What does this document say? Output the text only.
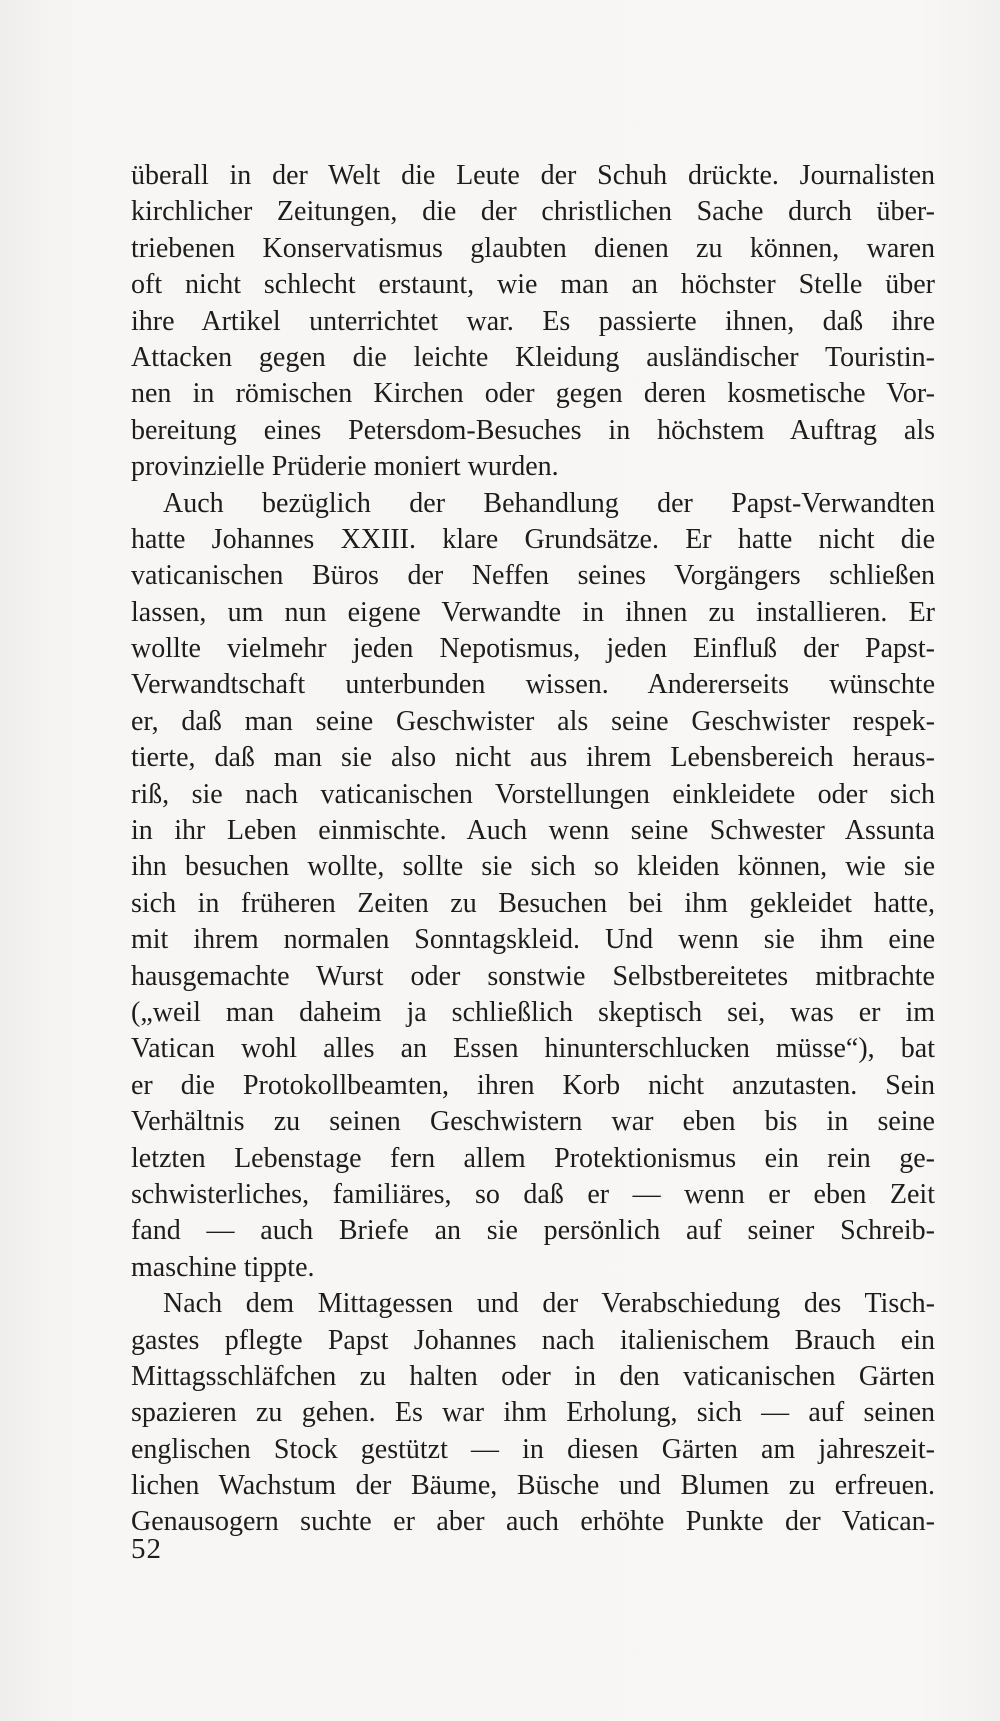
überall in der Welt die Leute der Schuh drückte. Journalisten
kirchlicher Zeitungen, die der christlichen Sache durch über-
triebenen Konservatismus glaubten dienen zu können, waren
oft nicht schlecht erstaunt, wie man an höchster Stelle über
ihre Artikel unterrichtet war. Es passierte ihnen, daß ihre
Attacken gegen die leichte Kleidung ausländischer Touristin-
nen in römischen Kirchen oder gegen deren kosmetische Vor-
bereitung eines Petersdom-Besuches in höchstem Auftrag als
provinzielle Prüderie moniert wurden.
Auch bezüglich der Behandlung der Papst-Verwandten
hatte Johannes XXIII. klare Grundsätze. Er hatte nicht die
vaticanischen Büros der Neffen seines Vorgängers schließen
lassen, um nun eigene Verwandte in ihnen zu installieren. Er
wollte vielmehr jeden Nepotismus, jeden Einfluß der Papst-
Verwandtschaft unterbunden wissen. Andererseits wünschte
er, daß man seine Geschwister als seine Geschwister respek-
tierte, daß man sie also nicht aus ihrem Lebensbereich heraus-
riß, sie nach vaticanischen Vorstellungen einkleidete oder sich
in ihr Leben einmischte. Auch wenn seine Schwester Assunta
ihn besuchen wollte, sollte sie sich so kleiden können, wie sie
sich in früheren Zeiten zu Besuchen bei ihm gekleidet hatte,
mit ihrem normalen Sonntagskleid. Und wenn sie ihm eine
hausgemachte Wurst oder sonstwie Selbstbereitetes mitbrachte
(„weil man daheim ja schließlich skeptisch sei, was er im
Vatican wohl alles an Essen hinunterschlucken müsse“), bat
er die Protokollbeamten, ihren Korb nicht anzutasten. Sein
Verhältnis zu seinen Geschwistern war eben bis in seine
letzten Lebenstage fern allem Protektionismus ein rein ge-
schwisterliches, familiäres, so daß er — wenn er eben Zeit
fand — auch Briefe an sie persönlich auf seiner Schreib-
maschine tippte.
Nach dem Mittagessen und der Verabschiedung des Tisch-
gastes pflegte Papst Johannes nach italienischem Brauch ein
Mittagsschläfchen zu halten oder in den vaticanischen Gärten
spazieren zu gehen. Es war ihm Erholung, sich — auf seinen
englischen Stock gestützt — in diesen Gärten am jahreszeit-
lichen Wachstum der Bäume, Büsche und Blumen zu erfreuen.
Genausogern suchte er aber auch erhöhte Punkte der Vatican-
52
